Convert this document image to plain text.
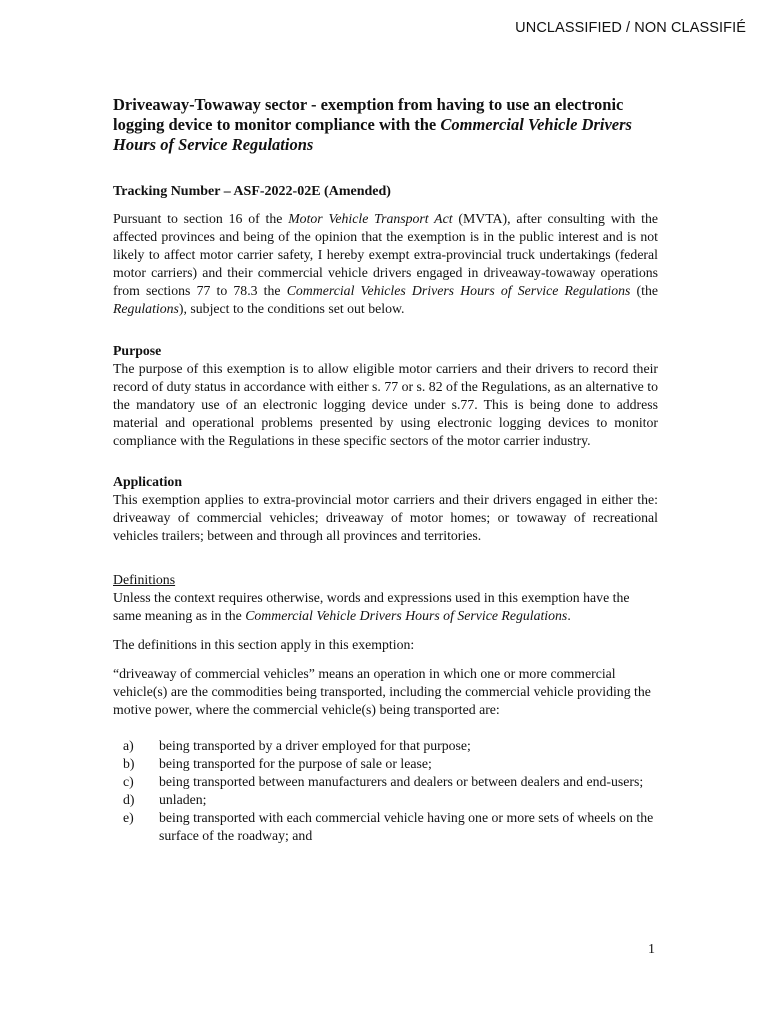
UNCLASSIFIED / NON CLASSIFIÉ
Driveaway-Towaway sector - exemption from having to use an electronic logging device to monitor compliance with the Commercial Vehicle Drivers Hours of Service Regulations
Tracking Number – ASF-2022-02E (Amended)

Pursuant to section 16 of the Motor Vehicle Transport Act (MVTA), after consulting with the affected provinces and being of the opinion that the exemption is in the public interest and is not likely to affect motor carrier safety, I hereby exempt extra-provincial truck undertakings (federal motor carriers) and their commercial vehicle drivers engaged in driveaway-towaway operations from sections 77 to 78.3 the Commercial Vehicles Drivers Hours of Service Regulations (the Regulations), subject to the conditions set out below.

Purpose

The purpose of this exemption is to allow eligible motor carriers and their drivers to record their record of duty status in accordance with either s. 77 or s. 82 of the Regulations, as an alternative to the mandatory use of an electronic logging device under s.77. This is being done to address material and operational problems presented by using electronic logging devices to monitor compliance with the Regulations in these specific sectors of the motor carrier industry.

Application

This exemption applies to extra-provincial motor carriers and their drivers engaged in either the: driveaway of commercial vehicles; driveaway of motor homes; or towaway of recreational vehicles trailers; between and through all provinces and territories.

Definitions

Unless the context requires otherwise, words and expressions used in this exemption have the same meaning as in the Commercial Vehicle Drivers Hours of Service Regulations.

The definitions in this section apply in this exemption:

“driveaway of commercial vehicles” means an operation in which one or more commercial vehicle(s) are the commodities being transported, including the commercial vehicle providing the motive power, where the commercial vehicle(s) being transported are:

a) being transported by a driver employed for that purpose;
b) being transported for the purpose of sale or lease;
c) being transported between manufacturers and dealers or between dealers and end-users;
d) unladen;
e) being transported with each commercial vehicle having one or more sets of wheels on the surface of the roadway; and
1
